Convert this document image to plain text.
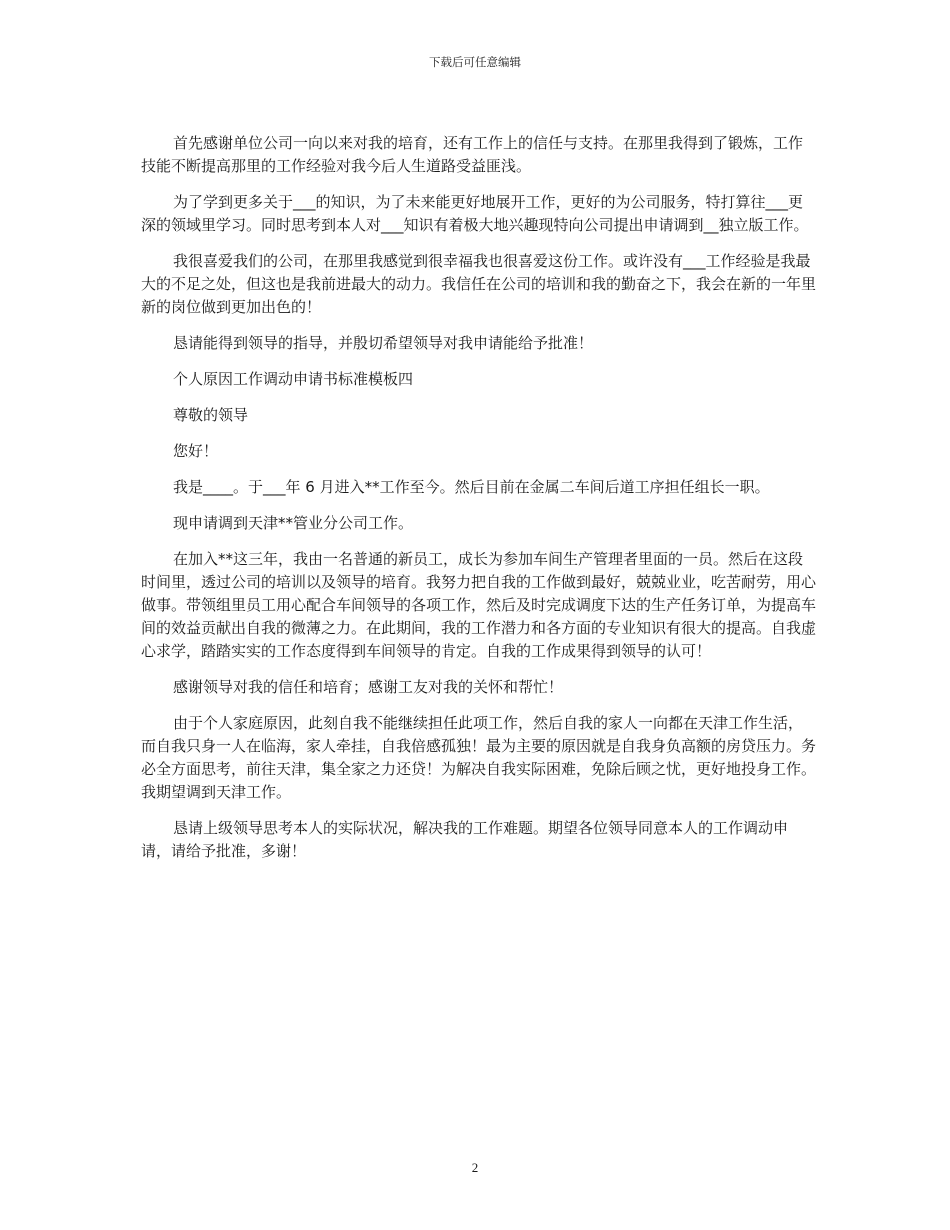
下载后可任意编辑

首先感谢单位公司一向以来对我的培育，还有工作上的信任与支持。在那里我得到了锻炼，工作技能不断提高那里的工作经验对我今后人生道路受益匪浅。

为了学到更多关于___的知识，为了未来能更好地展开工作，更好的为公司服务，特打算往___更深的领域里学习。同时思考到本人对___知识有着极大地兴趣现特向公司提出申请调到__独立版工作。

我很喜爱我们的公司，在那里我感觉到很幸福我也很喜爱这份工作。或许没有___工作经验是我最大的不足之处，但这也是我前进最大的动力。我信任在公司的培训和我的勤奋之下，我会在新的一年里新的岗位做到更加出色的！

恳请能得到领导的指导，并殷切希望领导对我申请能给予批准！

个人原因工作调动申请书标准模板四

尊敬的领导

您好！

我是____。于___年 6 月进入**工作至今。然后目前在金属二车间后道工序担任组长一职。

现申请调到天津**管业分公司工作。

在加入**这三年，我由一名普通的新员工，成长为参加车间生产管理者里面的一员。然后在这段时间里，透过公司的培训以及领导的培育。我努力把自我的工作做到最好，兢兢业业，吃苦耐劳，用心做事。带领组里员工用心配合车间领导的各项工作，然后及时完成调度下达的生产任务订单，为提高车间的效益贡献出自我的微薄之力。在此期间，我的工作潜力和各方面的专业知识有很大的提高。自我虚心求学，踏踏实实的工作态度得到车间领导的肯定。自我的工作成果得到领导的认可！

感谢领导对我的信任和培育；感谢工友对我的关怀和帮忙！

由于个人家庭原因，此刻自我不能继续担任此项工作，然后自我的家人一向都在天津工作生活，而自我只身一人在临海，家人牵挂，自我倍感孤独！最为主要的原因就是自我身负高额的房贷压力。务必全方面思考，前往天津，集全家之力还贷！为解决自我实际困难，免除后顾之忧，更好地投身工作。我期望调到天津工作。

恳请上级领导思考本人的实际状况，解决我的工作难题。期望各位领导同意本人的工作调动申请，请给予批准，多谢！

2
